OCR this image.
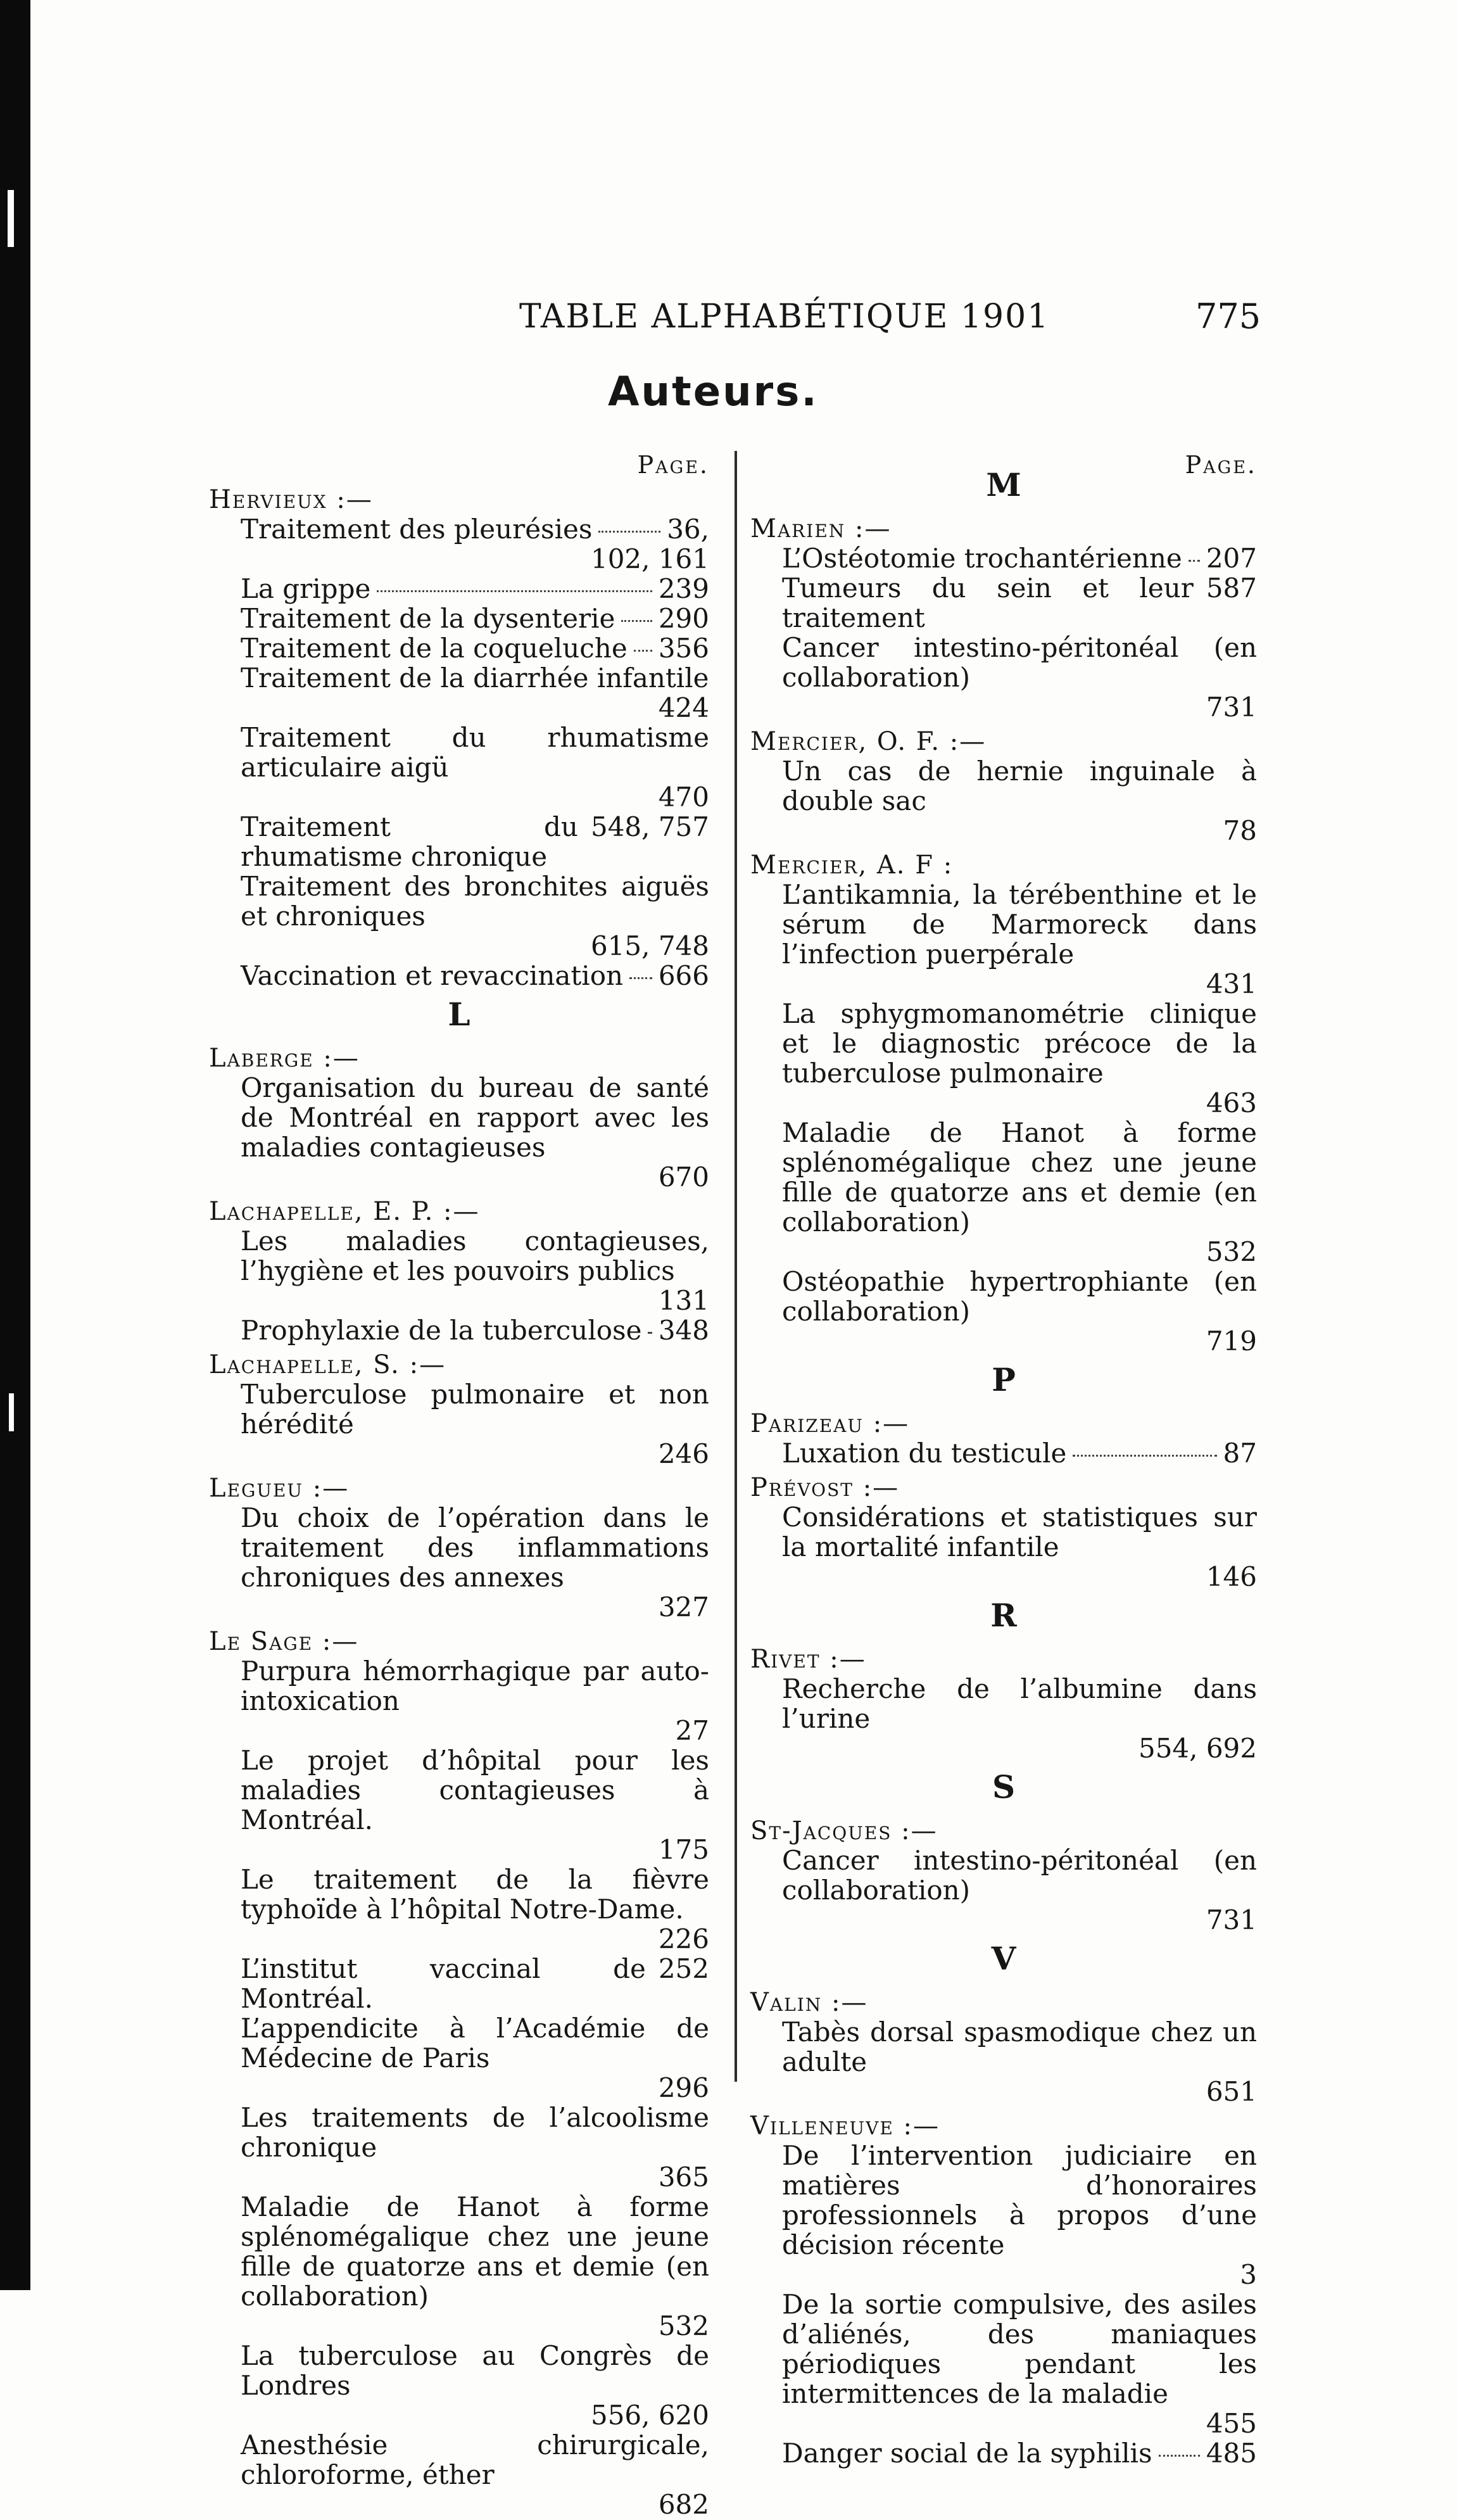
TABLE ALPHABÉTIQUE 1901	775
Auteurs.
Page.
Hervieux :—
Traitement des pleurésies	36,
102, 161
La grippe	239
Traitement de la dysenterie 290
Traitement de la coqueluche 356
Traitement de la diarrhée infantile
424
Traitement du rhumatisme articulaire aigü
470
Traitement du rhumatisme chronique
548, 757
Traitement des bronchites aiguës et chroniques
615, 748
Vaccination et revaccination 666
L
Laberge :—
Organisation du bureau de santé de Montréal en rapport avec les maladies contagieuses
670
Lachapelle, E. P. :—
Les maladies contagieuses, l’hygiène et les pouvoirs publics
131
Prophylaxie de la tuberculose 348
Lachapelle, S. :—
Tuberculose pulmonaire et non hérédité
246
Legueu :—
Du choix de l’opération dans le traitement des inflammations chroniques des annexes
327
Le Sage :—
Purpura hémorrhagique par auto-intoxication
27
Le projet d’hôpital pour les maladies contagieuses à Montréal.
175
Le traitement de la fièvre typhoïde à l’hôpital Notre-Dame.
226
L’institut vaccinal de Montréal.
252
L’appendicite à l’Académie de Médecine de Paris
296
Les traitements de l’alcoolisme chronique
365
Maladie de Hanot à forme splénomégalique chez une jeune fille de quatorze ans et demie (en collaboration)
532
La tuberculose au Congrès de Londres
556, 620
Anesthésie chirurgicale, chloroforme, éther
682
Page.
M
Marien :—
L’Ostéotomie trochantérienne 207
Tumeurs du sein et leur traitement
587
Cancer intestino-péritonéal (en collaboration)
731
Mercier, O. F. :—
Un cas de hernie inguinale à double sac
78
Mercier, A. F :
L’antikamnia, la térébenthine et le sérum de Marmoreck dans l’infection puerpérale
431
La sphygmomanométrie clinique et le diagnostic précoce de la tuberculose pulmonaire
463
Maladie de Hanot à forme splénomégalique chez une jeune fille de quatorze ans et demie (en collaboration)
532
Ostéopathie hypertrophiante (en collaboration)
719
P
Parizeau :—
Luxation du testicule	87
Prévost :—
Considérations et statistiques sur la mortalité infantile
146
R
Rivet :—
Recherche de l’albumine dans l’urine
554, 692
S
St-Jacques :—
Cancer intestino-péritonéal (en collaboration)
731
V
Valin :—
Tabès dorsal spasmodique chez un adulte
651
Villeneuve :—
De l’intervention judiciaire en matières d’honoraires professionnels à propos d’une décision récente
3
De la sortie compulsive, des asiles d’aliénés, des maniaques périodiques pendant les intermittences de la maladie
455
Danger social de la syphilis 485
